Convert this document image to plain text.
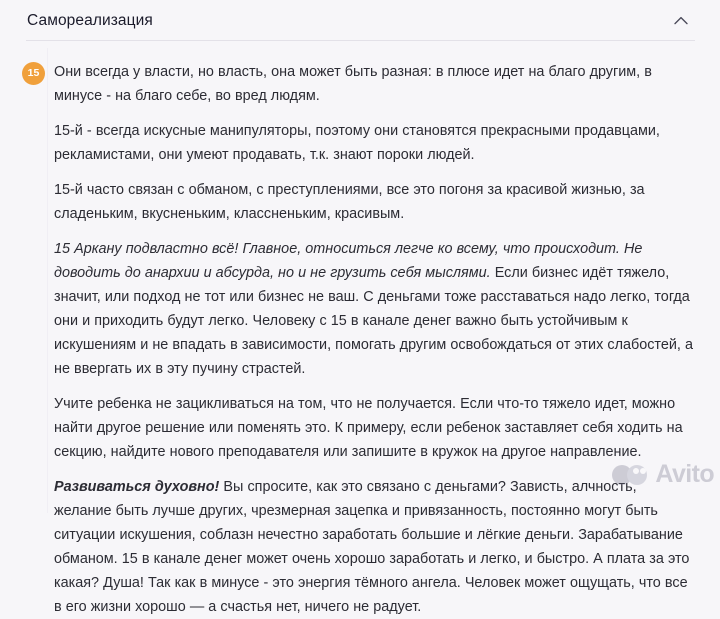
Самореализация
15	Они всегда у власти, но власть, она может быть разная: в плюсе идет на благо другим, в минусе - на благо себе, во вред людям.

15-й - всегда искусные манипуляторы, поэтому они становятся прекрасными продавцами, рекламистами, они умеют продавать, т.к. знают пороки людей.

15-й часто связан с обманом, с преступлениями, все это погоня за красивой жизнью, за сладеньким, вкусненьким, классненьким, красивым.

15 Аркану подвластно всё! Главное, относиться легче ко всему, что происходит. Не доводить до анархии и абсурда, но и не грузить себя мыслями. Если бизнес идёт тяжело, значит, или подход не тот или бизнес не ваш. С деньгами тоже расставаться надо легко, тогда они и приходить будут легко. Человеку с 15 в канале денег важно быть устойчивым к искушениям и не впадать в зависимости, помогать другим освобождаться от этих слабостей, а не ввергать их в эту пучину страстей.

Учите ребенка не зацикливаться на том, что не получается. Если что-то тяжело идет, можно найти другое решение или поменять это. К примеру, если ребенок заставляет себя ходить на секцию, найдите нового преподавателя или запишите в кружок на другое направление.

Развиваться духовно! Вы спросите, как это связано с деньгами? Зависть, алчность, желание быть лучше других, чрезмерная зацепка и привязанность, постоянно могут быть ситуации искушения, соблазн нечестно заработать большие и лёгкие деньги. Зарабатывание обманом. 15 в канале денег может очень хорошо заработать и легко, и быстро. А плата за это какая? Душа! Так как в минусе - это энергия тёмного ангела. Человек может ощущать, что все в его жизни хорошо — а счастья нет, ничего не радует.

Avito
